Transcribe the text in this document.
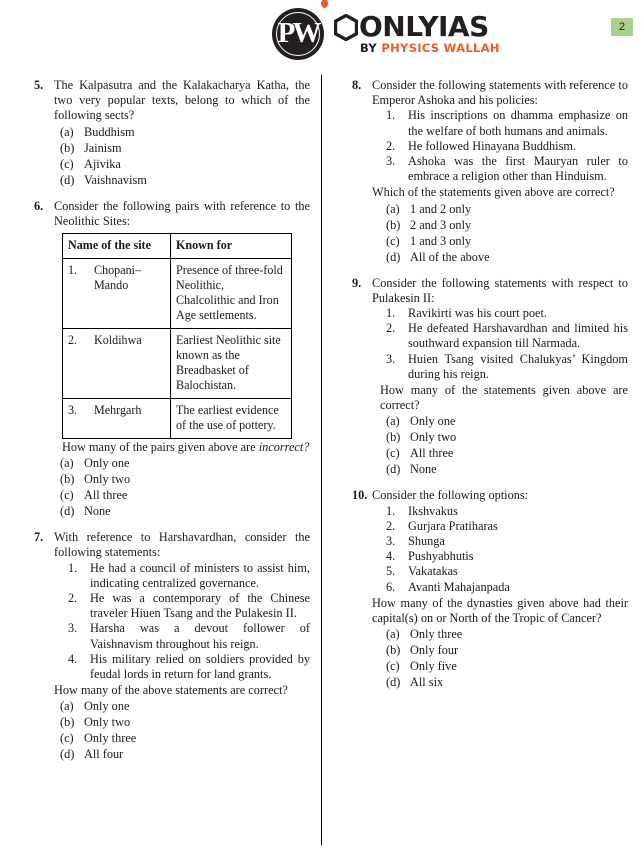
PW ONLYIAS
BY PHYSICS WALLAH
2
5. The Kalpasutra and the Kalakacharya Katha, the two very popular texts, belong to which of the following sects?
(a) Buddhism
(b) Jainism
(c) Ajivika
(d) Vaishnavism
6. Consider the following pairs with reference to the Neolithic Sites:
Name of the site	Known for

1. Chopani–Mando	Presence of three-fold Neolithic, Chalcolithic and Iron Age settlements.

2. Koldihwa	Earliest Neolithic site known as the Breadbasket of Balochistan.

3. Mehrgarh	The earliest evidence of the use of pottery.
How many of the pairs given above are incorrect?
(a) Only one
(b) Only two
(c) All three
(d) None
7. With reference to Harshavardhan, consider the following statements:
1.	He had a council of ministers to assist him, indicating centralized governance.
2.	He was a contemporary of the Chinese traveler Hiuen Tsang and the Pulakesin II.
3.	Harsha was a devout follower of Vaishnavism throughout his reign.
4.	His military relied on soldiers provided by feudal lords in return for land grants.
How many of the above statements are correct?
(a) Only one
(b) Only two
(c) Only three
(d) All four
8. Consider the following statements with reference to Emperor Ashoka and his policies:
1.	His inscriptions on dhamma emphasize on the welfare of both humans and animals.
2.	He followed Hinayana Buddhism.
3.	Ashoka was the first Mauryan ruler to embrace a religion other than Hinduism.
Which of the statements given above are correct?
(a) 1 and 2 only
(b) 2 and 3 only
(c) 1 and 3 only
(d) All of the above
9. Consider the following statements with respect to Pulakesin II:
1.	Ravikirti was his court poet.
2.	He defeated Harshavardhan and limited his southward expansion till Narmada.
3.	Huien Tsang visited Chalukyas’ Kingdom during his reign.
How many of the statements given above are correct?
(a) Only one
(b) Only two
(c) All three
(d) None
10. Consider the following options:
1.	Ikshvakus
2.	Gurjara Pratiharas
3.	Shunga
4.	Pushyabhutis
5.	Vakatakas
6.	Avanti Mahajanpada
How many of the dynasties given above had their capital(s) on or North of the Tropic of Cancer?
(a) Only three
(b) Only four
(c) Only five
(d) All six
